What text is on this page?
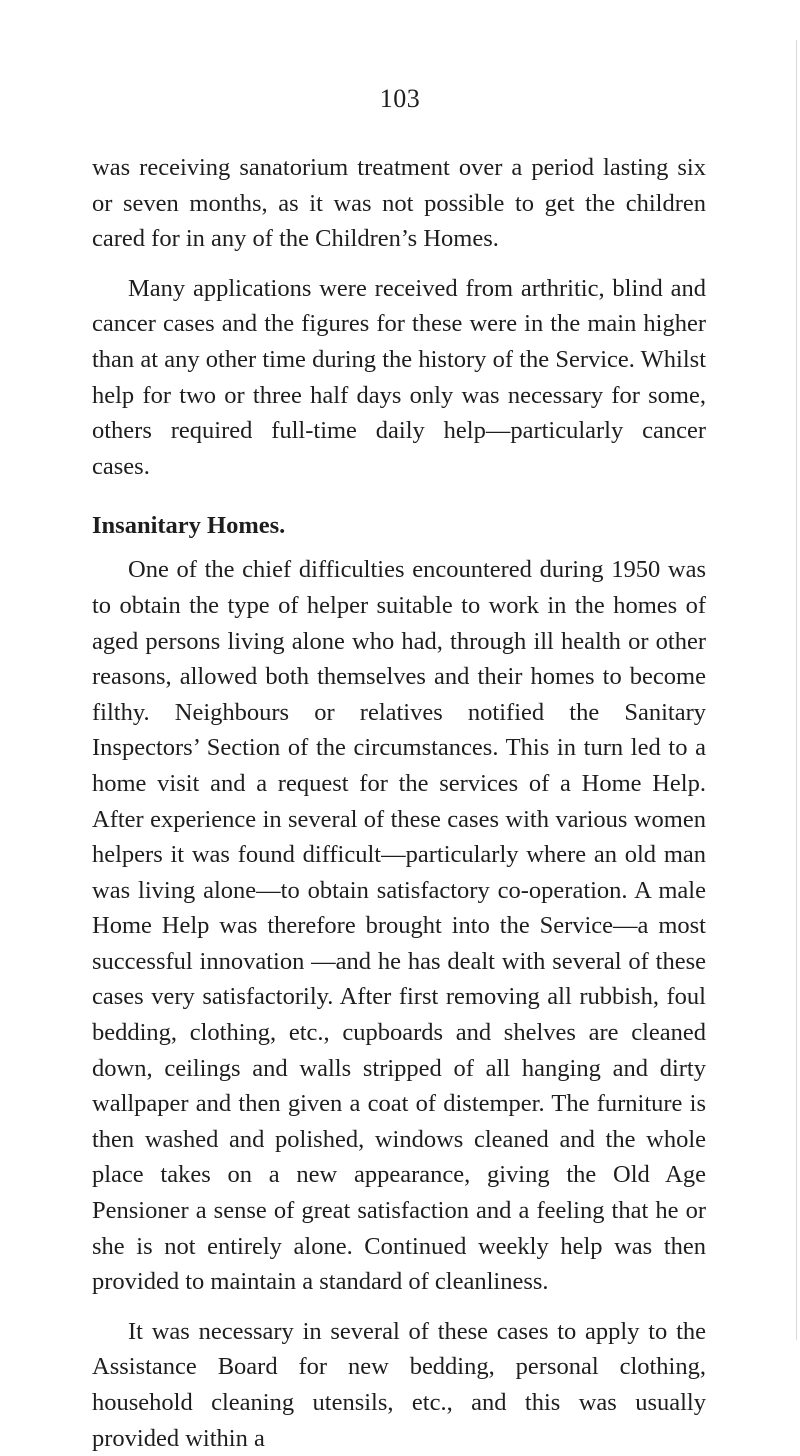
103

was receiving sanatorium treatment over a period lasting six or seven months, as it was not possible to get the children cared for in any of the Children’s Homes.

Many applications were received from arthritic, blind and cancer cases and the figures for these were in the main higher than at any other time during the history of the Service. Whilst help for two or three half days only was necessary for some, others required full-time daily help—particularly cancer cases.

Insanitary Homes.

One of the chief difficulties encountered during 1950 was to obtain the type of helper suitable to work in the homes of aged persons living alone who had, through ill health or other reasons, allowed both themselves and their homes to become filthy. Neighbours or relatives notified the Sanitary Inspectors’ Section of the circumstances. This in turn led to a home visit and a request for the services of a Home Help. After experience in several of these cases with various women helpers it was found difficult—particularly where an old man was living alone—to obtain satisfactory co-operation. A male Home Help was therefore brought into the Service—a most successful innovation —and he has dealt with several of these cases very satisfactorily. After first removing all rubbish, foul bedding, clothing, etc., cupboards and shelves are cleaned down, ceilings and walls stripped of all hanging and dirty wallpaper and then given a coat of distemper. The furniture is then washed and polished, windows cleaned and the whole place takes on a new appearance, giving the Old Age Pensioner a sense of great satisfaction and a feeling that he or she is not entirely alone. Continued weekly help was then provided to maintain a standard of cleanliness.

It was necessary in several of these cases to apply to the Assistance Board for new bedding, personal clothing, household cleaning utensils, etc., and this was usually provided within a
